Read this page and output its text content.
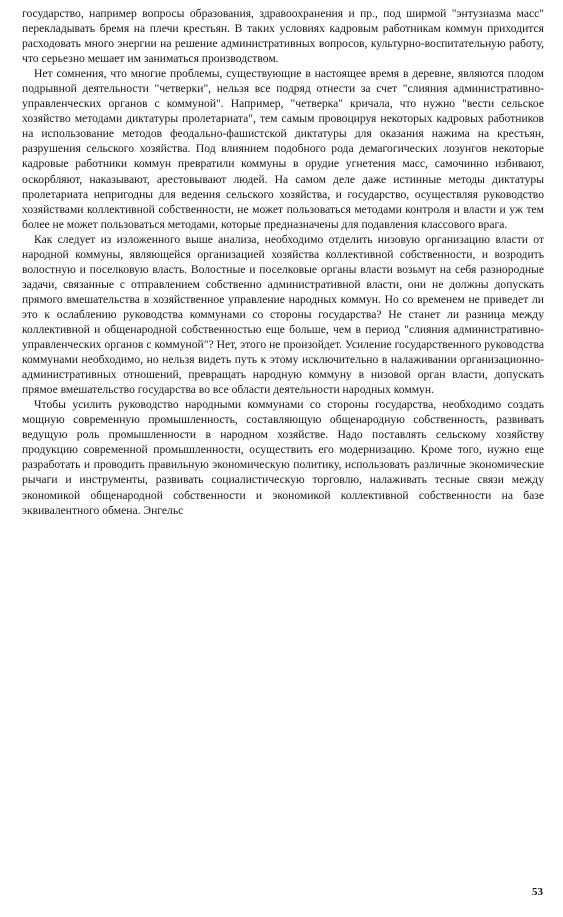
государство, например вопросы образования, здравоохранения и пр., под ширмой "энтузиазма масс" перекладывать бремя на плечи крестьян. В таких условиях кадровым работникам коммун приходится расходовать много энергии на решение административных вопросов, культурно-воспитательную работу, что серьезно мешает им заниматься производством.

Нет сомнения, что многие проблемы, существующие в настоящее время в деревне, являются плодом подрывной деятельности "четверки", нельзя все подряд отнести за счет "слияния административно-управленческих органов с коммуной". Например, "четверка" кричала, что нужно "вести сельское хозяйство методами диктатуры пролетариата", тем самым провоцируя некоторых кадровых работников на использование методов феодально-фашистской диктатуры для оказания нажима на крестьян, разрушения сельского хозяйства. Под влиянием подобного рода демагогических лозунгов некоторые кадровые работники коммун превратили коммуны в орудие угнетения масс, самочинно избивают, оскорбляют, наказывают, арестовывают людей. На самом деле даже истинные методы диктатуры пролетариата непригодны для ведения сельского хозяйства, и государство, осуществляя руководство хозяйствами коллективной собственности, не может пользоваться методами контроля и власти и уж тем более не может пользоваться методами, которые предназначены для подавления классового врага.

Как следует из изложенного выше анализа, необходимо отделить низовую организацию власти от народной коммуны, являющейся организацией хозяйства коллективной собственности, и возродить волостную и поселковую власть. Волостные и поселковые органы власти возьмут на себя разнородные задачи, связанные с отправлением собственно административной власти, они не должны допускать прямого вмешательства в хозяйственное управление народных коммун. Но со временем не приведет ли это к ослаблению руководства коммунами со стороны государства? Не станет ли разница между коллективной и общенародной собственностью еще больше, чем в период "слияния административно-управленческих органов с коммуной"? Нет, этого не произойдет. Усиление государственного руководства коммунами необходимо, но нельзя видеть путь к этому исключительно в налаживании организационно-административных отношений, превращать народную коммуну в низовой орган власти, допускать прямое вмешательство государства во все области деятельности народных коммун.

Чтобы усилить руководство народными коммунами со стороны государства, необходимо создать мощную современную промышленность, составляющую общенародную собственность, развивать ведущую роль промышленности в народном хозяйстве. Надо поставлять сельскому хозяйству продукцию современной промышленности, осуществить его модернизацию. Кроме того, нужно еще разработать и проводить правильную экономическую политику, использовать различные экономические рычаги и инструменты, развивать социалистическую торговлю, налаживать тесные связи между экономикой общенародной собственности и экономикой коллективной собственности на базе эквивалентного обмена. Энгельс

53
